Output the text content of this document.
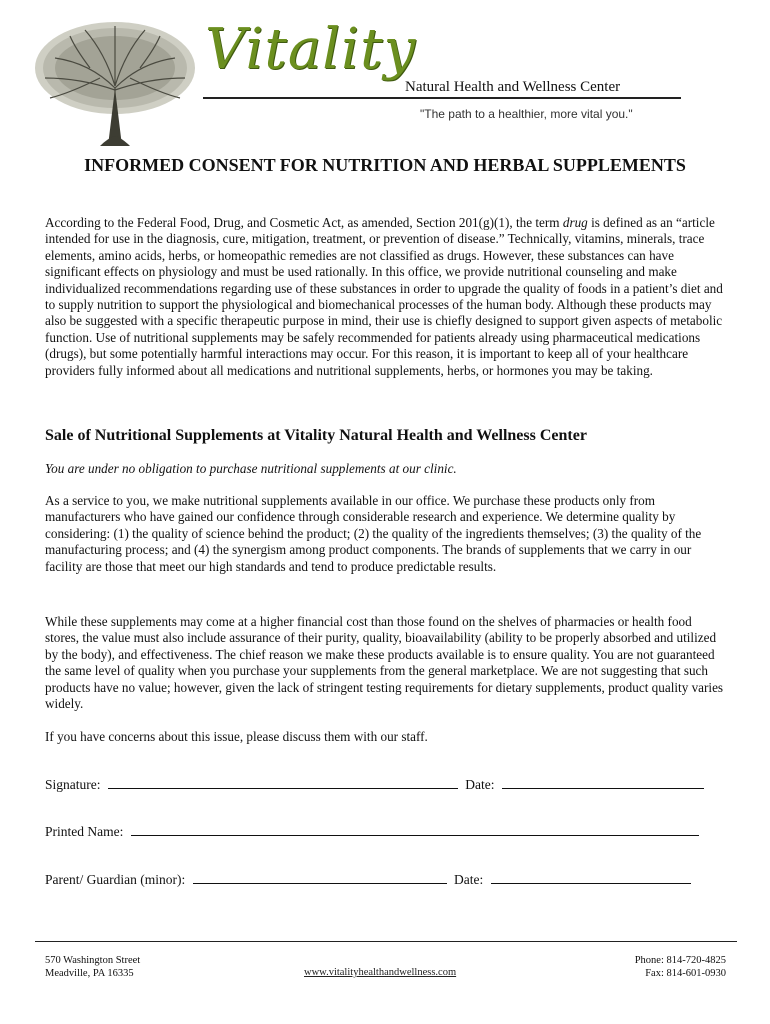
Vitality
Natural Health and Wellness Center
"The path to a healthier, more vital you."
INFORMED CONSENT FOR NUTRITION AND HERBAL SUPPLEMENTS

According to the Federal Food, Drug, and Cosmetic Act, as amended, Section 201(g)(1), the term drug is defined as an “article intended for use in the diagnosis, cure, mitigation, treatment, or prevention of disease.” Technically, vitamins, minerals, trace elements, amino acids, herbs, or homeopathic remedies are not classified as drugs. However, these substances can have significant effects on physiology and must be used rationally. In this office, we provide nutritional counseling and make individualized recommendations regarding use of these substances in order to upgrade the quality of foods in a patient’s diet and to supply nutrition to support the physiological and biomechanical processes of the human body. Although these products may also be suggested with a specific therapeutic purpose in mind, their use is chiefly designed to support given aspects of metabolic function. Use of nutritional supplements may be safely recommended for patients already using pharmaceutical medications (drugs), but some potentially harmful interactions may occur. For this reason, it is important to keep all of your healthcare providers fully informed about all medications and nutritional supplements, herbs, or hormones you may be taking.

Sale of Nutritional Supplements at Vitality Natural Health and Wellness Center

You are under no obligation to purchase nutritional supplements at our clinic.

As a service to you, we make nutritional supplements available in our office. We purchase these products only from manufacturers who have gained our confidence through considerable research and experience. We determine quality by considering: (1) the quality of science behind the product; (2) the quality of the ingredients themselves; (3) the quality of the manufacturing process; and (4) the synergism among product components. The brands of supplements that we carry in our facility are those that meet our high standards and tend to produce predictable results.

While these supplements may come at a higher financial cost than those found on the shelves of pharmacies or health food stores, the value must also include assurance of their purity, quality, bioavailability (ability to be properly absorbed and utilized by the body), and effectiveness. The chief reason we make these products available is to ensure quality. You are not guaranteed the same level of quality when you purchase your supplements from the general marketplace. We are not suggesting that such products have no value; however, given the lack of stringent testing requirements for dietary supplements, product quality varies widely.

If you have concerns about this issue, please discuss them with our staff.

Signature:	Date:
Printed Name:
Parent/ Guardian (minor):	Date:
570 Washington Street
Meadville, PA 16335	www.vitalityhealthandwellness.com
Phone: 814-720-4825
Fax: 814-601-0930
